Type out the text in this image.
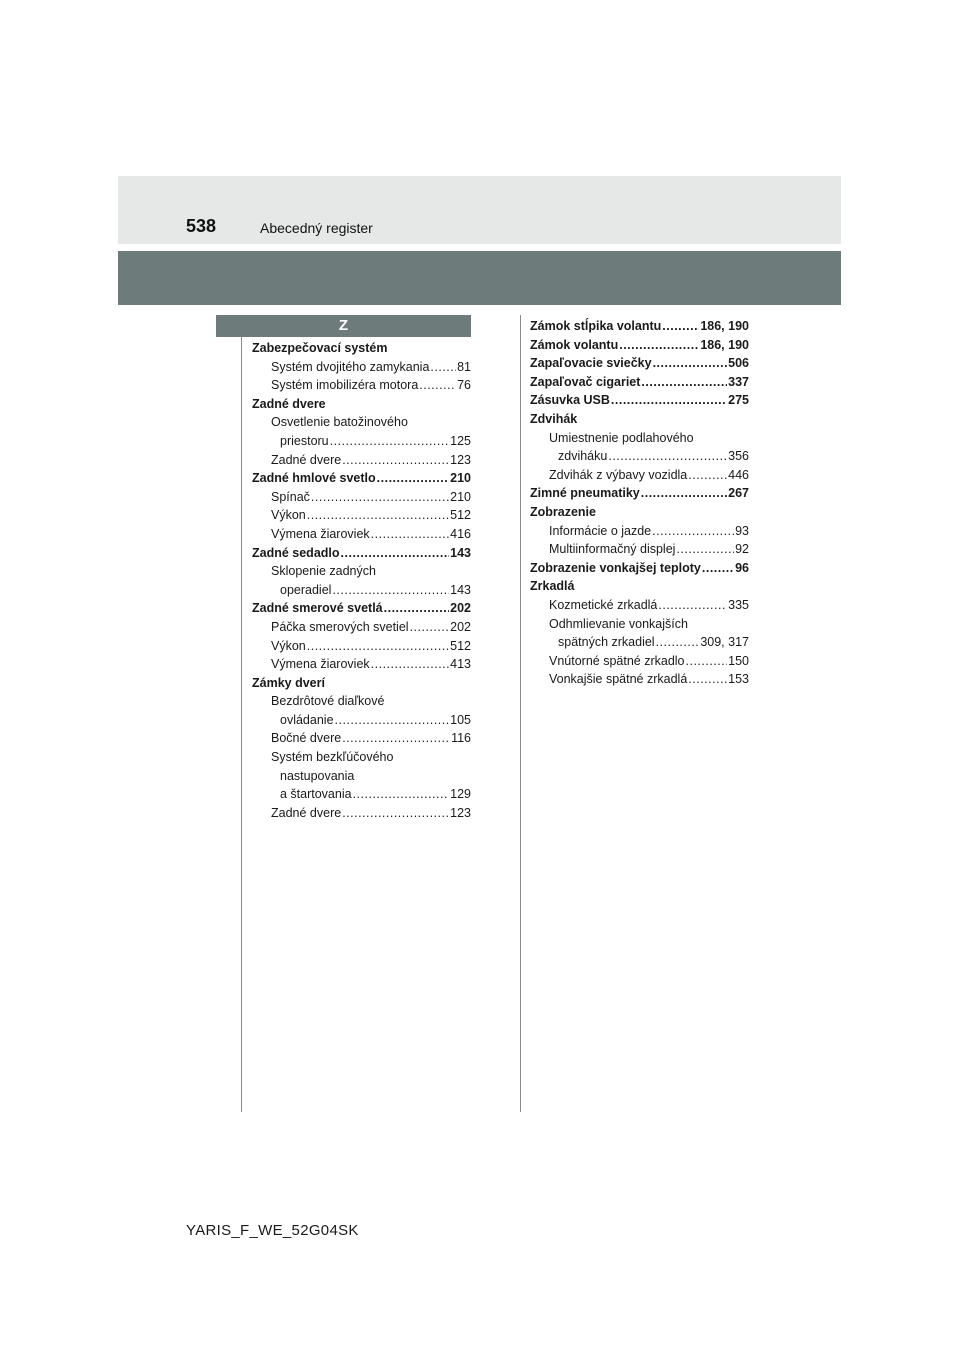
538	Abecedný register
Z
Zabezpečovací systém
Systém dvojitého zamykania ..... 81
Systém imobilizéra motora .....	76
Zadné dvere
Osvetlenie batožinového
priestoru .....	125
Zadné dvere .....	123
Zadné hmlové svetlo .....	210
Spínač .....	210
Výkon .....	512
Výmena žiaroviek .....	416
Zadné sedadlo .....	143
Sklopenie zadných
operadiel .....	143
Zadné smerové svetlá .....	202
Páčka smerových svetiel .....	202
Výkon .....	512
Výmena žiaroviek .....	413
Zámky dverí
Bezdrôtové diaľkové
ovládanie .....	105
Bočné dvere .....	116
Systém bezkľúčového
nastupovania
a štartovania .....	129
Zadné dvere .....	123
Zámok stĺpika volantu .....	186, 190
Zámok volantu .....	186, 190
Zapaľovacie sviečky .....	506
Zapaľovač cigariet .....	337
Zásuvka USB .....	275
Zdvihák
Umiestnenie podlahového
zdviháku .....	356
Zdvihák z výbavy vozidla .....	446
Zimné pneumatiky .....	267
Zobrazenie
Informácie o jazde .....	93
Multiinformačný displej .....	92
Zobrazenie vonkajšej teploty .....	96
Zrkadlá
Kozmetické zrkadlá .....	335
Odhmlievanie vonkajších
spätných zrkadiel .....	309, 317
Vnútorné spätné zrkadlo .....	150
Vonkajšie spätné zrkadlá .....	153
YARIS_F_WE_52G04SK
